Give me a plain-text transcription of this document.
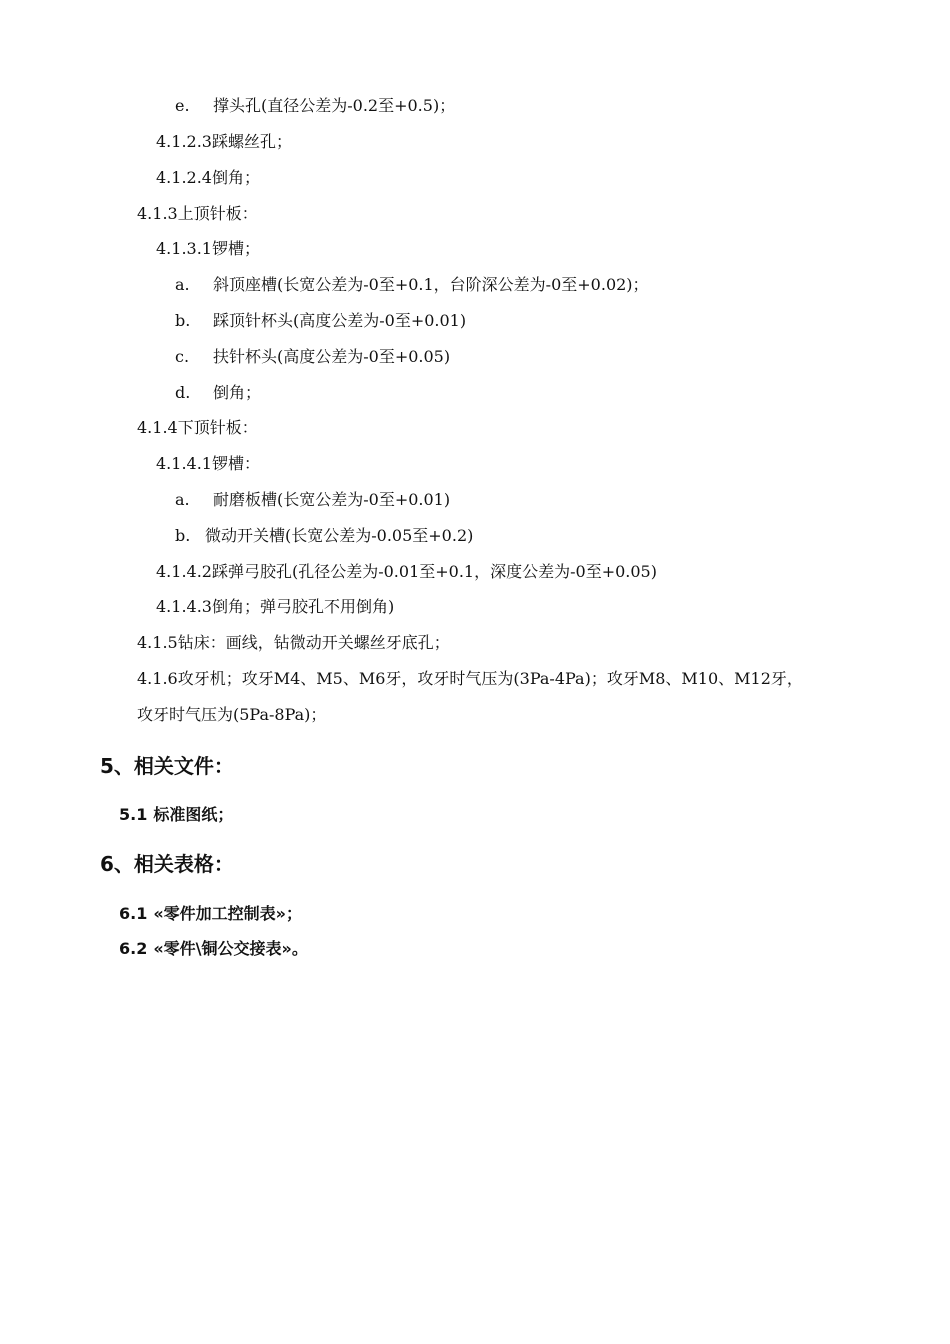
e. 撑头孔(直径公差为-0.2至+0.5)；
4.1.2.3踩螺丝孔；
4.1.2.4倒角；
4.1.3上顶针板：
4.1.3.1锣槽；
a. 斜顶座槽(长宽公差为-0至+0.1，台阶深公差为-0至+0.02)；
b. 踩顶针杯头(高度公差为-0至+0.01)
c. 扶针杯头(高度公差为-0至+0.05)
d. 倒角；
4.1.4下顶针板：
4.1.4.1锣槽：
a. 耐磨板槽(长宽公差为-0至+0.01)
b. 微动开关槽(长宽公差为-0.05至+0.2)
4.1.4.2踩弹弓胶孔(孔径公差为-0.01至+0.1，深度公差为-0至+0.05)
4.1.4.3倒角；弹弓胶孔不用倒角)
4.1.5钻床：画线，钻微动开关螺丝牙底孔；
4.1.6攻牙机；攻牙M4、M5、M6牙，攻牙时气压为(3Pa-4Pa)；攻牙M8、M10、M12牙，
攻牙时气压为(5Pa-8Pa)；
5、相关文件：
5.1 标准图纸；
6、相关表格：
6.1 «零件加工控制表»；
6.2 «零件\铜公交接表»。
